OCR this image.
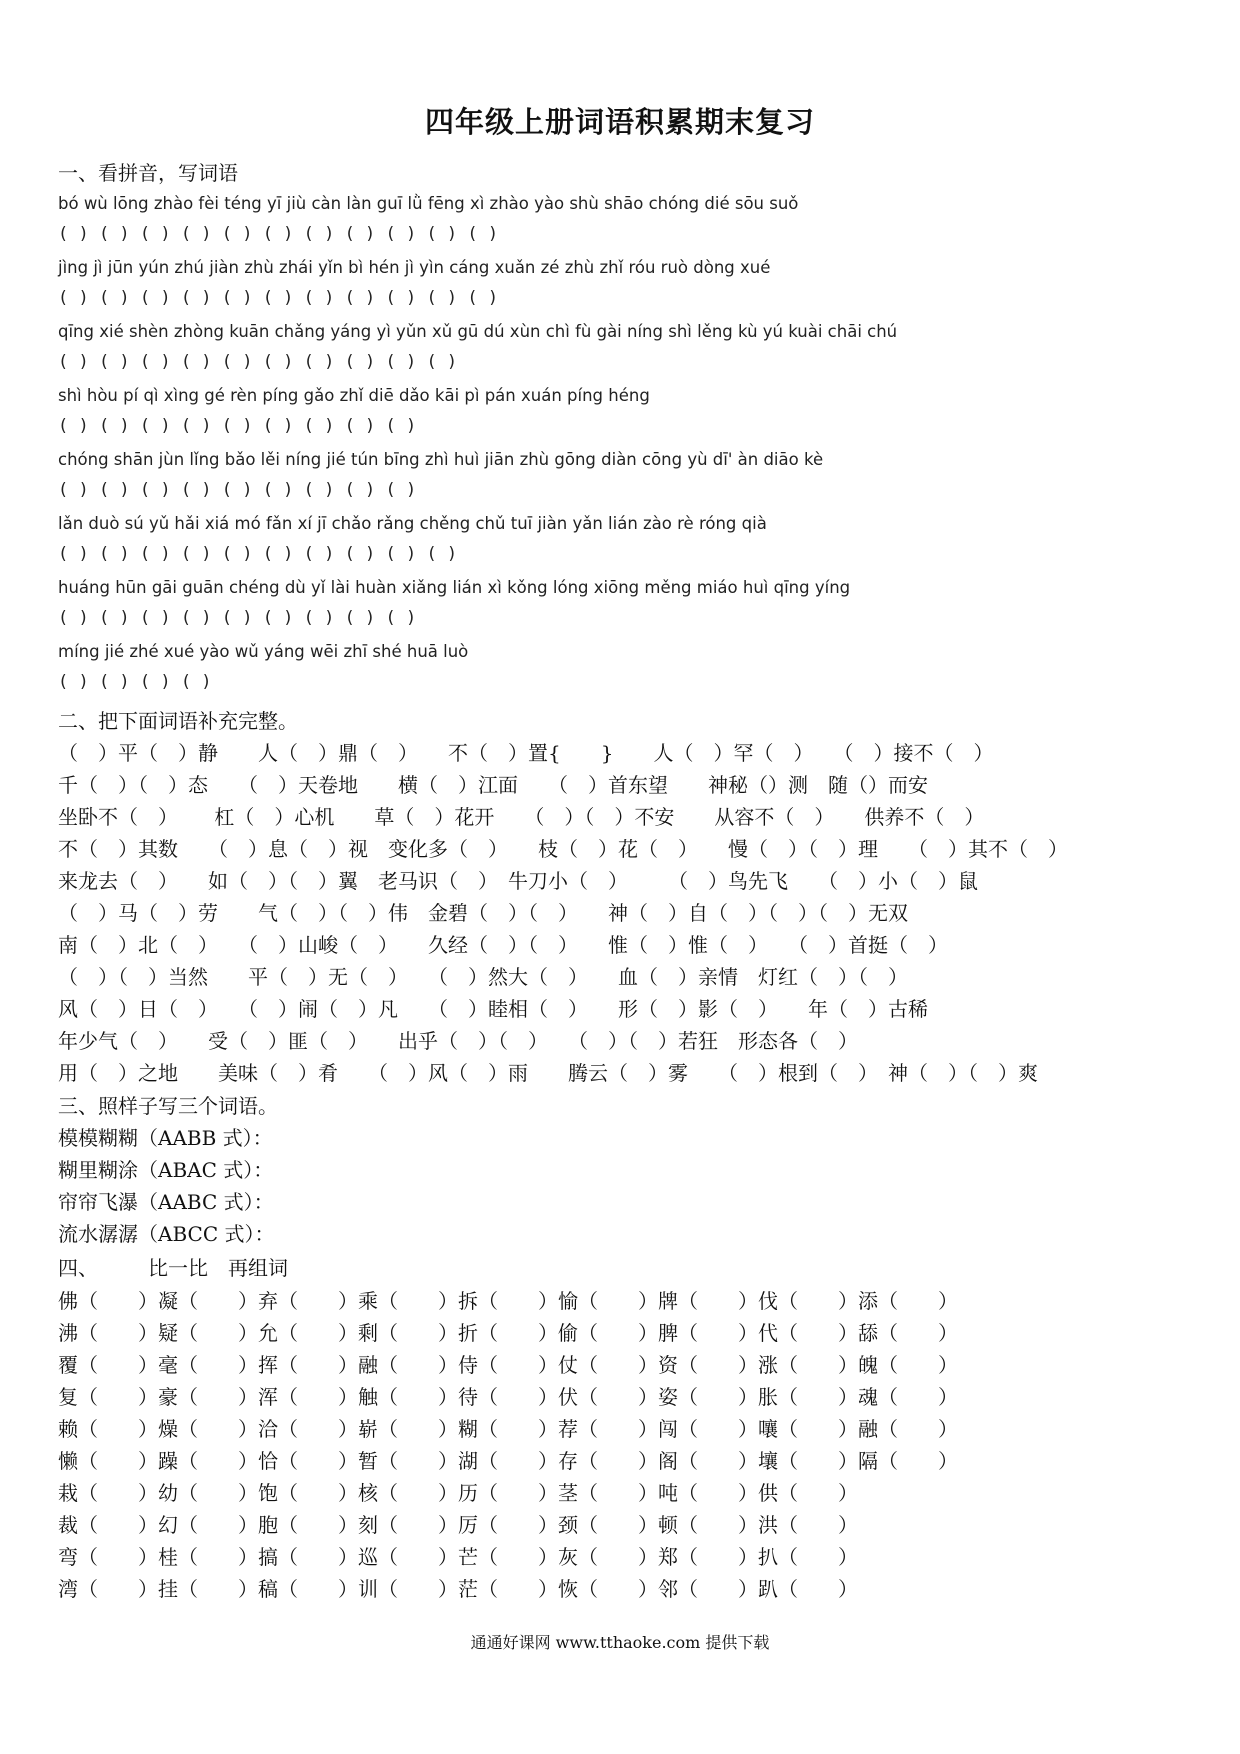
四年级上册词语积累期末复习
一、看拼音，写词语
bó wù lōng zhào fèi téng yī jiù càn làn guī lǜ fēng xì zhào yào shù shāo chóng dié sōu suǒ
( ) ( ) ( ) ( ) ( ) ( ) ( ) ( ) ( ) ( ) ( )
jìng jì jūn yún zhú jiàn zhù zhái yǐn bì hén jì yìn cáng xuǎn zé zhù zhǐ róu ruò dòng xué
( ) ( ) ( ) ( ) ( ) ( ) ( ) ( ) ( ) ( ) ( )
qīng xié shèn zhòng kuān chǎng yáng yì yǔn xǔ gū dú xùn chì fù gài níng shì lěng kù yú kuài chāi chú
( ) ( ) ( ) ( ) ( ) ( ) ( ) ( ) ( ) ( )
shì hòu pí qì xìng gé rèn píng gǎo zhǐ diē dǎo kāi pì pán xuán píng héng
( ) ( ) ( ) ( ) ( ) ( ) ( ) ( ) ( )
chóng shān jùn lǐng bǎo lěi níng jié tún bīng zhì huì jiān zhù gōng diàn cōng yù dī' àn diāo kè
( ) ( ) ( ) ( ) ( ) ( ) ( ) ( ) ( )
lǎn duò sú yǔ hǎi xiá mó fǎn xí jī chǎo rǎng chěng chǔ tuī jiàn yǎn lián zào rè róng qià
( ) ( ) ( ) ( ) ( ) ( ) ( ) ( ) ( ) ( )
huáng hūn gāi guān chéng dù yǐ lài huàn xiǎng lián xì kǒng lóng xiōng měng miáo huì qīng yíng
( ) ( ) ( ) ( ) ( ) ( ) ( ) ( ) ( )
míng jié zhé xué yào wǔ yáng wēi zhī shé huā luò
( ) ( ) ( ) ( )
二、把下面词语补充完整。
（　）平（　）静　　人（　）鼎（　）　　不（　）置{　　}　　人（　）罕（　）　　（　）接不（　）
千（　）（　）态　　（　）天卷地　　横（　）江面　　（　）首东望　　神秘（）测　随（）而安
坐卧不（　）　　 杠（　）心机　　草（　）花开　　（　）（　）不安　　从容不（　）　　供养不（　）
不（　）其数　　（　）息（　）视　变化多（　）　　枝（　）花（　）　　慢（　）（　）理　　（　）其不（　）
来龙去（　）　　如（　）（　）翼　老马识（　）　牛刀小（　）　　　（　）鸟先飞　　（　）小（　）鼠
（　）马（　）劳　　气（　）（　）伟　金碧（　）（　）　　神（　）自（　）（　）（　）无双
南（　）北（　）　　（　）山峻（　）　　久经（　）（　）　　惟（　）惟（　）　　（　）首挺（　）
（　）（　）当然　　平（　）无（　）　　（　）然大（　）　　血（　）亲情　灯红（　）（　）
风（　）日（　）　　（　）闹（　）凡　　（　）睦相（　）　　形（　）影（　）　　年（　）古稀
年少气（　）　　受（　）匪（　）　　出乎（　）（　）　　（　）（　）若狂　形态各（　）
用（　）之地　　美味（　）肴　　（　）风（　）雨　　腾云（　）雾　　（　）根到（　）　神（　）（　）爽
三、照样子写三个词语。
模模糊糊（AABB 式）：
糊里糊涂（ABAC 式）：
帘帘飞瀑（AABC 式）：
流水潺潺（ABCC 式）：
四、　　　比一比　再组词
佛（　　）凝（　　）弃（　　）乘（　　）拆（　　）愉（　　）牌（　　）伐（　　）添（　　）
沸（　　）疑（　　）允（　　）剩（　　）折（　　）偷（　　）脾（　　）代（　　）舔（　　）
覆（　　）毫（　　）挥（　　）融（　　）侍（　　）仗（　　）资（　　）涨（　　）魄（　　）
复（　　）豪（　　）浑（　　）触（　　）待（　　）伏（　　）姿（　　）胀（　　）魂（　　）
赖（　　）燥（　　）洽（　　）崭（　　）糊（　　）荐（　　）闯（　　）嚷（　　）融（　　）
懒（　　）躁（　　）恰（　　）暂（　　）湖（　　）存（　　）阁（　　）壤（　　）隔（　　）
栽（　　）幼（　　）饱（　　）核（　　）历（　　）茎（　　）吨（　　）供（　　）
裁（　　）幻（　　）胞（　　）刻（　　）厉（　　）颈（　　）顿（　　）洪（　　）
弯（　　）桂（　　）搞（　　）巡（　　）芒（　　）灰（　　）郑（　　）扒（　　）
湾（　　）挂（　　）稿（　　）训（　　）茫（　　）恢（　　）邻（　　）趴（　　）
通通好课网 www.tthaoke.com 提供下载
